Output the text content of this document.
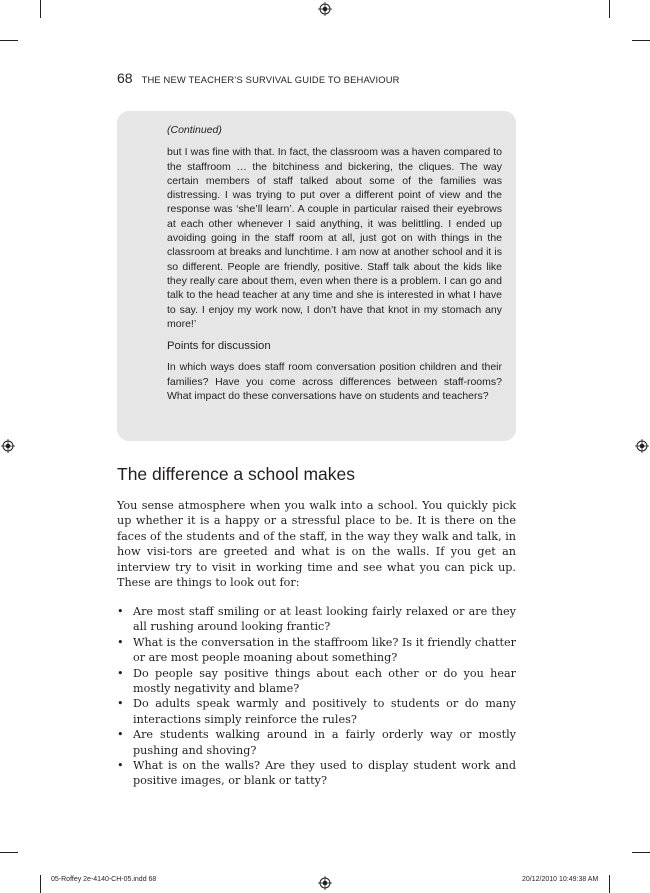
68 THE NEW TEACHER’S SURVIVAL GUIDE TO BEHAVIOUR
(Continued)

but I was fine with that. In fact, the classroom was a haven compared to the staffroom … the bitchiness and bickering, the cliques. The way certain members of staff talked about some of the families was distressing. I was trying to put over a different point of view and the response was ‘she’ll learn’. A couple in particular raised their eyebrows at each other whenever I said anything, it was belittling. I ended up avoiding going in the staff room at all, just got on with things in the classroom at breaks and lunchtime. I am now at another school and it is so different. People are friendly, positive. Staff talk about the kids like they really care about them, even when there is a problem. I can go and talk to the head teacher at any time and she is interested in what I have to say. I enjoy my work now, I don’t have that knot in my stomach any more!’

Points for discussion

In which ways does staff room conversation position children and their families? Have you come across differences between staff-rooms? What impact do these conversations have on students and teachers?

The difference a school makes

You sense atmosphere when you walk into a school. You quickly pick up whether it is a happy or a stressful place to be. It is there on the faces of the students and of the staff, in the way they walk and talk, in how visi-tors are greeted and what is on the walls. If you get an interview try to visit in working time and see what you can pick up. These are things to look out for:

• Are most staff smiling or at least looking fairly relaxed or are they all rushing around looking frantic?
• What is the conversation in the staffroom like? Is it friendly chatter or are most people moaning about something?
• Do people say positive things about each other or do you hear mostly negativity and blame?
• Do adults speak warmly and positively to students or do many interactions simply reinforce the rules?
• Are students walking around in a fairly orderly way or mostly pushing and shoving?
• What is on the walls? Are they used to display student work and positive images, or blank or tatty?
05-Roffey 2e-4140-CH-05.indd 68	20/12/2010 10:49:38 AM
